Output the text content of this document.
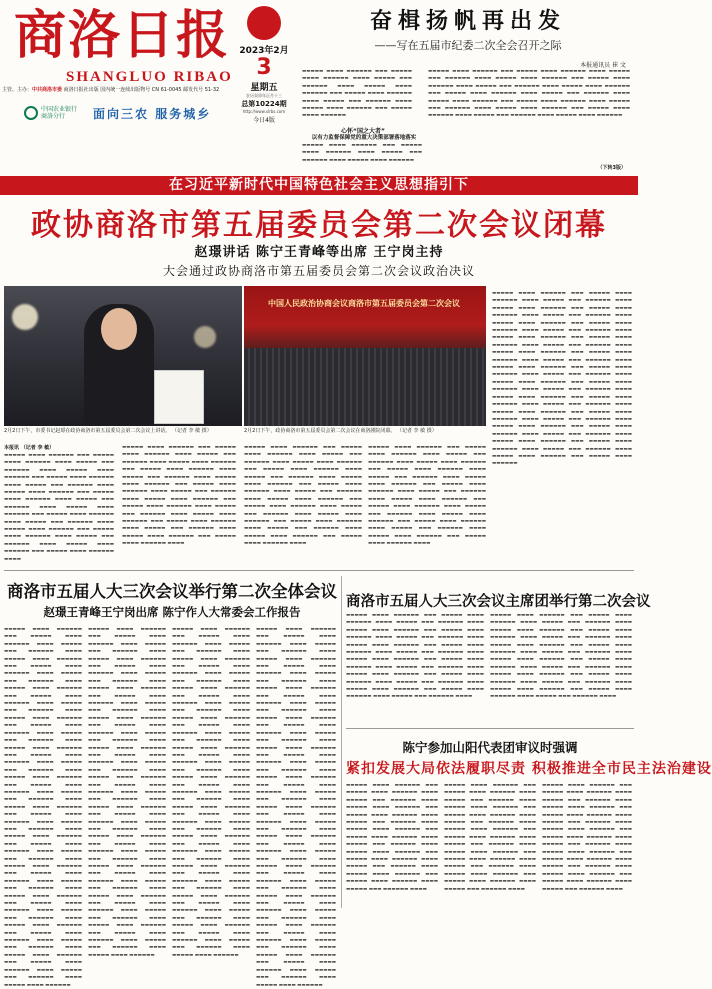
商洛日报
SHANGLUO RIBAO
2023年2月
3
星期五
农历癸卯年正月十三
总第10224期
http://www.slrbs.com
今日4版
主管、主办：中共商洛市委 商洛日报社出版 国内统一连续出版物号 CN 61-0045 邮发代号 51-32
中国农业银行
商洛分行	面向三农 服务城乡
奋楫扬帆再出发
——写在五届市纪委二次全会召开之际
本报通讯员 崔 文
▬▬▬▬▬ ▬▬▬▬ ▬▬▬▬▬▬ ▬▬▬ ▬▬▬▬▬ ▬▬▬▬ ▬▬▬▬▬▬ ▬▬▬▬ ▬▬▬▬▬ ▬▬▬ ▬▬▬▬▬▬ ▬▬▬▬ ▬▬▬▬▬ ▬▬▬▬ ▬▬▬▬▬▬ ▬▬▬ ▬▬▬▬▬ ▬▬▬▬ ▬▬▬▬▬▬ ▬▬▬▬ ▬▬▬▬▬ ▬▬▬ ▬▬▬▬▬▬ ▬▬▬▬ ▬▬▬▬▬ ▬▬▬▬ ▬▬▬▬▬▬ ▬▬▬ ▬▬▬▬▬ ▬▬▬▬ ▬▬▬▬▬▬
心怀“国之大者”
以有力监督保障党的重大决策部署落地落实
▬▬▬▬▬ ▬▬▬▬ ▬▬▬▬▬▬ ▬▬▬ ▬▬▬▬▬ ▬▬▬▬ ▬▬▬▬▬▬ ▬▬▬▬ ▬▬▬▬▬ ▬▬▬ ▬▬▬▬▬▬ ▬▬▬▬ ▬▬▬▬▬ ▬▬▬▬ ▬▬▬▬▬▬
▬▬▬▬▬ ▬▬▬▬ ▬▬▬▬▬▬ ▬▬▬ ▬▬▬▬▬ ▬▬▬▬ ▬▬▬▬▬▬ ▬▬▬▬ ▬▬▬▬▬ ▬▬▬ ▬▬▬▬▬▬ ▬▬▬▬ ▬▬▬▬▬ ▬▬▬▬ ▬▬▬▬▬▬ ▬▬▬ ▬▬▬▬▬ ▬▬▬▬ ▬▬▬▬▬▬ ▬▬▬▬ ▬▬▬▬▬ ▬▬▬ ▬▬▬▬▬▬ ▬▬▬▬ ▬▬▬▬▬ ▬▬▬▬ ▬▬▬▬▬▬ ▬▬▬ ▬▬▬▬▬ ▬▬▬▬ ▬▬▬▬▬▬ ▬▬▬▬ ▬▬▬▬▬ ▬▬▬ ▬▬▬▬▬▬ ▬▬▬▬ ▬▬▬▬▬ ▬▬▬▬ ▬▬▬▬▬▬ ▬▬▬ ▬▬▬▬▬ ▬▬▬▬ ▬▬▬▬▬▬ ▬▬▬▬ ▬▬▬▬▬ ▬▬▬ ▬▬▬▬▬▬ ▬▬▬▬ ▬▬▬▬▬ ▬▬▬▬ ▬▬▬▬▬▬ ▬▬▬ ▬▬▬▬▬ ▬▬▬▬ ▬▬▬▬▬▬ ▬▬▬▬ ▬▬▬▬▬ ▬▬▬ ▬▬▬▬▬▬ ▬▬▬▬ ▬▬▬▬▬ ▬▬▬▬ ▬▬▬▬▬▬
（下转3版）
在习近平新时代中国特色社会主义思想指引下
政协商洛市第五届委员会第二次会议闭幕
赵璟讲话 陈宁王青峰等出席 王宁岗主持
大会通过政协商洛市第五届委员会第二次会议政治决议
2月2日下午，市委书记赵璟在政协商洛市第五届委员会第二次会议上讲话。 （记者 李 敏 摄）
中国人民政治协商会议商洛市第五届委员会第二次会议
2月2日下午，政协商洛市第五届委员会第二次会议在商洛剧院闭幕。 （记者 李 敏 摄）
本报讯 （记者 李 敏）
▬▬▬▬▬ ▬▬▬▬ ▬▬▬▬▬▬ ▬▬▬ ▬▬▬▬▬ ▬▬▬▬ ▬▬▬▬▬▬ ▬▬▬▬ ▬▬▬▬▬ ▬▬▬ ▬▬▬▬▬▬ ▬▬▬▬ ▬▬▬▬▬ ▬▬▬▬ ▬▬▬▬▬▬ ▬▬▬ ▬▬▬▬▬ ▬▬▬▬ ▬▬▬▬▬▬ ▬▬▬▬ ▬▬▬▬▬ ▬▬▬ ▬▬▬▬▬▬ ▬▬▬▬ ▬▬▬▬▬ ▬▬▬▬ ▬▬▬▬▬▬ ▬▬▬ ▬▬▬▬▬ ▬▬▬▬ ▬▬▬▬▬▬ ▬▬▬▬ ▬▬▬▬▬ ▬▬▬ ▬▬▬▬▬▬ ▬▬▬▬ ▬▬▬▬▬ ▬▬▬▬ ▬▬▬▬▬▬ ▬▬▬ ▬▬▬▬▬ ▬▬▬▬ ▬▬▬▬▬▬ ▬▬▬▬ ▬▬▬▬▬ ▬▬▬ ▬▬▬▬▬▬ ▬▬▬▬ ▬▬▬▬▬ ▬▬▬▬ ▬▬▬▬▬▬ ▬▬▬ ▬▬▬▬▬ ▬▬▬▬ ▬▬▬▬▬▬ ▬▬▬▬ ▬▬▬▬▬ ▬▬▬ ▬▬▬▬▬▬ ▬▬▬▬ ▬▬▬▬▬ ▬▬▬▬ ▬▬▬▬▬▬ ▬▬▬ ▬▬▬▬▬ ▬▬▬▬ ▬▬▬▬▬▬ ▬▬▬▬
▬▬▬▬▬ ▬▬▬▬ ▬▬▬▬▬▬ ▬▬▬ ▬▬▬▬▬ ▬▬▬▬ ▬▬▬▬▬▬ ▬▬▬▬ ▬▬▬▬▬ ▬▬▬ ▬▬▬▬▬▬ ▬▬▬▬ ▬▬▬▬▬ ▬▬▬▬ ▬▬▬▬▬▬ ▬▬▬ ▬▬▬▬▬ ▬▬▬▬ ▬▬▬▬▬▬ ▬▬▬▬ ▬▬▬▬▬ ▬▬▬ ▬▬▬▬▬▬ ▬▬▬▬ ▬▬▬▬▬ ▬▬▬▬ ▬▬▬▬▬▬ ▬▬▬ ▬▬▬▬▬ ▬▬▬▬ ▬▬▬▬▬▬ ▬▬▬▬ ▬▬▬▬▬ ▬▬▬ ▬▬▬▬▬▬ ▬▬▬▬ ▬▬▬▬▬ ▬▬▬▬ ▬▬▬▬▬▬ ▬▬▬ ▬▬▬▬▬ ▬▬▬▬ ▬▬▬▬▬▬ ▬▬▬▬ ▬▬▬▬▬ ▬▬▬ ▬▬▬▬▬▬ ▬▬▬▬ ▬▬▬▬▬ ▬▬▬▬ ▬▬▬▬▬▬ ▬▬▬ ▬▬▬▬▬ ▬▬▬▬ ▬▬▬▬▬▬ ▬▬▬▬ ▬▬▬▬▬ ▬▬▬ ▬▬▬▬▬▬ ▬▬▬▬ ▬▬▬▬▬ ▬▬▬▬ ▬▬▬▬▬▬ ▬▬▬ ▬▬▬▬▬ ▬▬▬▬ ▬▬▬▬▬▬ ▬▬▬▬
▬▬▬▬▬ ▬▬▬▬ ▬▬▬▬▬▬ ▬▬▬ ▬▬▬▬▬ ▬▬▬▬ ▬▬▬▬▬▬ ▬▬▬▬ ▬▬▬▬▬ ▬▬▬ ▬▬▬▬▬▬ ▬▬▬▬ ▬▬▬▬▬ ▬▬▬▬ ▬▬▬▬▬▬ ▬▬▬ ▬▬▬▬▬ ▬▬▬▬ ▬▬▬▬▬▬ ▬▬▬▬ ▬▬▬▬▬ ▬▬▬ ▬▬▬▬▬▬ ▬▬▬▬ ▬▬▬▬▬ ▬▬▬▬ ▬▬▬▬▬▬ ▬▬▬ ▬▬▬▬▬ ▬▬▬▬ ▬▬▬▬▬▬ ▬▬▬▬ ▬▬▬▬▬ ▬▬▬ ▬▬▬▬▬▬ ▬▬▬▬ ▬▬▬▬▬ ▬▬▬▬ ▬▬▬▬▬▬ ▬▬▬ ▬▬▬▬▬ ▬▬▬▬ ▬▬▬▬▬▬ ▬▬▬▬ ▬▬▬▬▬ ▬▬▬ ▬▬▬▬▬▬ ▬▬▬▬ ▬▬▬▬▬ ▬▬▬▬ ▬▬▬▬▬▬ ▬▬▬ ▬▬▬▬▬ ▬▬▬▬ ▬▬▬▬▬▬ ▬▬▬▬ ▬▬▬▬▬ ▬▬▬ ▬▬▬▬▬▬ ▬▬▬▬ ▬▬▬▬▬ ▬▬▬▬ ▬▬▬▬▬▬ ▬▬▬ ▬▬▬▬▬ ▬▬▬▬ ▬▬▬▬▬▬ ▬▬▬▬
▬▬▬▬▬ ▬▬▬▬ ▬▬▬▬▬▬ ▬▬▬ ▬▬▬▬▬ ▬▬▬▬ ▬▬▬▬▬▬ ▬▬▬▬ ▬▬▬▬▬ ▬▬▬ ▬▬▬▬▬▬ ▬▬▬▬ ▬▬▬▬▬ ▬▬▬▬ ▬▬▬▬▬▬ ▬▬▬ ▬▬▬▬▬ ▬▬▬▬ ▬▬▬▬▬▬ ▬▬▬▬ ▬▬▬▬▬ ▬▬▬ ▬▬▬▬▬▬ ▬▬▬▬ ▬▬▬▬▬ ▬▬▬▬ ▬▬▬▬▬▬ ▬▬▬ ▬▬▬▬▬ ▬▬▬▬ ▬▬▬▬▬▬ ▬▬▬▬ ▬▬▬▬▬ ▬▬▬ ▬▬▬▬▬▬ ▬▬▬▬ ▬▬▬▬▬ ▬▬▬▬ ▬▬▬▬▬▬ ▬▬▬ ▬▬▬▬▬ ▬▬▬▬ ▬▬▬▬▬▬ ▬▬▬▬ ▬▬▬▬▬ ▬▬▬ ▬▬▬▬▬▬ ▬▬▬▬ ▬▬▬▬▬ ▬▬▬▬ ▬▬▬▬▬▬ ▬▬▬ ▬▬▬▬▬ ▬▬▬▬ ▬▬▬▬▬▬ ▬▬▬▬ ▬▬▬▬▬ ▬▬▬ ▬▬▬▬▬▬ ▬▬▬▬ ▬▬▬▬▬ ▬▬▬▬ ▬▬▬▬▬▬ ▬▬▬ ▬▬▬▬▬ ▬▬▬▬ ▬▬▬▬▬▬ ▬▬▬▬
▬▬▬▬▬ ▬▬▬▬ ▬▬▬▬▬▬ ▬▬▬ ▬▬▬▬▬ ▬▬▬▬ ▬▬▬▬▬▬ ▬▬▬▬ ▬▬▬▬▬ ▬▬▬ ▬▬▬▬▬▬ ▬▬▬▬ ▬▬▬▬▬ ▬▬▬▬ ▬▬▬▬▬▬ ▬▬▬ ▬▬▬▬▬ ▬▬▬▬ ▬▬▬▬▬▬ ▬▬▬▬ ▬▬▬▬▬ ▬▬▬ ▬▬▬▬▬▬ ▬▬▬▬ ▬▬▬▬▬ ▬▬▬▬ ▬▬▬▬▬▬ ▬▬▬ ▬▬▬▬▬ ▬▬▬▬ ▬▬▬▬▬▬ ▬▬▬▬ ▬▬▬▬▬ ▬▬▬ ▬▬▬▬▬▬ ▬▬▬▬ ▬▬▬▬▬ ▬▬▬▬ ▬▬▬▬▬▬ ▬▬▬ ▬▬▬▬▬ ▬▬▬▬ ▬▬▬▬▬▬ ▬▬▬▬ ▬▬▬▬▬ ▬▬▬ ▬▬▬▬▬▬ ▬▬▬▬ ▬▬▬▬▬ ▬▬▬▬ ▬▬▬▬▬▬ ▬▬▬ ▬▬▬▬▬ ▬▬▬▬ ▬▬▬▬▬▬ ▬▬▬▬ ▬▬▬▬▬ ▬▬▬ ▬▬▬▬▬▬ ▬▬▬▬ ▬▬▬▬▬ ▬▬▬▬ ▬▬▬▬▬▬ ▬▬▬ ▬▬▬▬▬ ▬▬▬▬ ▬▬▬▬▬▬ ▬▬▬▬ ▬▬▬▬▬ ▬▬▬ ▬▬▬▬▬▬ ▬▬▬▬ ▬▬▬▬▬ ▬▬▬▬ ▬▬▬▬▬▬ ▬▬▬ ▬▬▬▬▬ ▬▬▬▬ ▬▬▬▬▬▬ ▬▬▬▬ ▬▬▬▬▬ ▬▬▬ ▬▬▬▬▬▬ ▬▬▬▬ ▬▬▬▬▬ ▬▬▬▬ ▬▬▬▬▬▬ ▬▬▬ ▬▬▬▬▬ ▬▬▬▬ ▬▬▬▬▬▬ ▬▬▬▬ ▬▬▬▬▬ ▬▬▬ ▬▬▬▬▬▬ ▬▬▬▬ ▬▬▬▬▬ ▬▬▬▬ ▬▬▬▬▬▬ ▬▬▬ ▬▬▬▬▬ ▬▬▬▬ ▬▬▬▬▬▬ ▬▬▬▬ ▬▬▬▬▬ ▬▬▬ ▬▬▬▬▬▬ ▬▬▬▬ ▬▬▬▬▬ ▬▬▬▬ ▬▬▬▬▬▬ ▬▬▬ ▬▬▬▬▬ ▬▬▬▬ ▬▬▬▬▬▬ ▬▬▬▬ ▬▬▬▬▬ ▬▬▬ ▬▬▬▬▬▬ ▬▬▬▬ ▬▬▬▬▬ ▬▬▬▬ ▬▬▬▬▬▬ ▬▬▬ ▬▬▬▬▬ ▬▬▬▬ ▬▬▬▬▬▬ ▬▬▬▬ ▬▬▬▬▬ ▬▬▬ ▬▬▬▬▬▬ ▬▬▬▬ ▬▬▬▬▬ ▬▬▬▬ ▬▬▬▬▬▬ ▬▬▬ ▬▬▬▬▬ ▬▬▬▬ ▬▬▬▬▬▬
商洛市五届人大三次会议举行第二次全体会议
赵璟王青峰王宁岗出席 陈宁作人大常委会工作报告
▬▬▬▬▬ ▬▬▬▬ ▬▬▬▬▬▬ ▬▬▬ ▬▬▬▬▬ ▬▬▬▬ ▬▬▬▬▬▬ ▬▬▬▬ ▬▬▬▬▬ ▬▬▬ ▬▬▬▬▬▬ ▬▬▬▬ ▬▬▬▬▬ ▬▬▬▬ ▬▬▬▬▬▬ ▬▬▬ ▬▬▬▬▬ ▬▬▬▬ ▬▬▬▬▬▬ ▬▬▬▬ ▬▬▬▬▬ ▬▬▬ ▬▬▬▬▬▬ ▬▬▬▬ ▬▬▬▬▬ ▬▬▬▬ ▬▬▬▬▬▬ ▬▬▬ ▬▬▬▬▬ ▬▬▬▬ ▬▬▬▬▬▬ ▬▬▬▬ ▬▬▬▬▬ ▬▬▬ ▬▬▬▬▬▬ ▬▬▬▬ ▬▬▬▬▬ ▬▬▬▬ ▬▬▬▬▬▬ ▬▬▬ ▬▬▬▬▬ ▬▬▬▬ ▬▬▬▬▬▬ ▬▬▬▬ ▬▬▬▬▬ ▬▬▬ ▬▬▬▬▬▬ ▬▬▬▬ ▬▬▬▬▬ ▬▬▬▬ ▬▬▬▬▬▬ ▬▬▬ ▬▬▬▬▬ ▬▬▬▬ ▬▬▬▬▬▬ ▬▬▬▬ ▬▬▬▬▬ ▬▬▬ ▬▬▬▬▬▬ ▬▬▬▬ ▬▬▬▬▬ ▬▬▬▬ ▬▬▬▬▬▬ ▬▬▬ ▬▬▬▬▬ ▬▬▬▬ ▬▬▬▬▬▬ ▬▬▬▬ ▬▬▬▬▬ ▬▬▬ ▬▬▬▬▬▬ ▬▬▬▬ ▬▬▬▬▬ ▬▬▬▬ ▬▬▬▬▬▬ ▬▬▬ ▬▬▬▬▬ ▬▬▬▬ ▬▬▬▬▬▬ ▬▬▬▬ ▬▬▬▬▬ ▬▬▬ ▬▬▬▬▬▬ ▬▬▬▬ ▬▬▬▬▬ ▬▬▬▬ ▬▬▬▬▬▬ ▬▬▬ ▬▬▬▬▬ ▬▬▬▬ ▬▬▬▬▬▬ ▬▬▬▬ ▬▬▬▬▬ ▬▬▬ ▬▬▬▬▬▬ ▬▬▬▬ ▬▬▬▬▬ ▬▬▬▬ ▬▬▬▬▬▬ ▬▬▬ ▬▬▬▬▬ ▬▬▬▬ ▬▬▬▬▬▬ ▬▬▬▬ ▬▬▬▬▬ ▬▬▬ ▬▬▬▬▬▬ ▬▬▬▬ ▬▬▬▬▬ ▬▬▬▬ ▬▬▬▬▬▬ ▬▬▬ ▬▬▬▬▬ ▬▬▬▬ ▬▬▬▬▬▬ ▬▬▬▬ ▬▬▬▬▬ ▬▬▬ ▬▬▬▬▬▬ ▬▬▬▬ ▬▬▬▬▬ ▬▬▬▬ ▬▬▬▬▬▬ ▬▬▬ ▬▬▬▬▬ ▬▬▬▬ ▬▬▬▬▬▬ ▬▬▬▬ ▬▬▬▬▬ ▬▬▬ ▬▬▬▬▬▬ ▬▬▬▬ ▬▬▬▬▬ ▬▬▬▬ ▬▬▬▬▬▬ ▬▬▬ ▬▬▬▬▬ ▬▬▬▬ ▬▬▬▬▬▬ ▬▬▬▬ ▬▬▬▬▬ ▬▬▬ ▬▬▬▬▬▬ ▬▬▬▬ ▬▬▬▬▬ ▬▬▬▬ ▬▬▬▬▬▬
▬▬▬▬▬ ▬▬▬▬ ▬▬▬▬▬▬ ▬▬▬ ▬▬▬▬▬ ▬▬▬▬ ▬▬▬▬▬▬ ▬▬▬▬ ▬▬▬▬▬ ▬▬▬ ▬▬▬▬▬▬ ▬▬▬▬ ▬▬▬▬▬ ▬▬▬▬ ▬▬▬▬▬▬ ▬▬▬ ▬▬▬▬▬ ▬▬▬▬ ▬▬▬▬▬▬ ▬▬▬▬ ▬▬▬▬▬ ▬▬▬ ▬▬▬▬▬▬ ▬▬▬▬ ▬▬▬▬▬ ▬▬▬▬ ▬▬▬▬▬▬ ▬▬▬ ▬▬▬▬▬ ▬▬▬▬ ▬▬▬▬▬▬ ▬▬▬▬ ▬▬▬▬▬ ▬▬▬ ▬▬▬▬▬▬ ▬▬▬▬ ▬▬▬▬▬ ▬▬▬▬ ▬▬▬▬▬▬ ▬▬▬ ▬▬▬▬▬ ▬▬▬▬ ▬▬▬▬▬▬ ▬▬▬▬ ▬▬▬▬▬ ▬▬▬ ▬▬▬▬▬▬ ▬▬▬▬ ▬▬▬▬▬ ▬▬▬▬ ▬▬▬▬▬▬ ▬▬▬ ▬▬▬▬▬ ▬▬▬▬ ▬▬▬▬▬▬ ▬▬▬▬ ▬▬▬▬▬ ▬▬▬ ▬▬▬▬▬▬ ▬▬▬▬ ▬▬▬▬▬ ▬▬▬▬ ▬▬▬▬▬▬ ▬▬▬ ▬▬▬▬▬ ▬▬▬▬ ▬▬▬▬▬▬ ▬▬▬▬ ▬▬▬▬▬ ▬▬▬ ▬▬▬▬▬▬ ▬▬▬▬ ▬▬▬▬▬ ▬▬▬▬ ▬▬▬▬▬▬ ▬▬▬ ▬▬▬▬▬ ▬▬▬▬ ▬▬▬▬▬▬ ▬▬▬▬ ▬▬▬▬▬ ▬▬▬ ▬▬▬▬▬▬ ▬▬▬▬ ▬▬▬▬▬ ▬▬▬▬ ▬▬▬▬▬▬ ▬▬▬ ▬▬▬▬▬ ▬▬▬▬ ▬▬▬▬▬▬ ▬▬▬▬ ▬▬▬▬▬ ▬▬▬ ▬▬▬▬▬▬ ▬▬▬▬ ▬▬▬▬▬ ▬▬▬▬ ▬▬▬▬▬▬ ▬▬▬ ▬▬▬▬▬ ▬▬▬▬ ▬▬▬▬▬▬ ▬▬▬▬ ▬▬▬▬▬ ▬▬▬ ▬▬▬▬▬▬ ▬▬▬▬ ▬▬▬▬▬ ▬▬▬▬ ▬▬▬▬▬▬ ▬▬▬ ▬▬▬▬▬ ▬▬▬▬ ▬▬▬▬▬▬ ▬▬▬▬ ▬▬▬▬▬ ▬▬▬ ▬▬▬▬▬▬ ▬▬▬▬ ▬▬▬▬▬ ▬▬▬▬ ▬▬▬▬▬▬ ▬▬▬ ▬▬▬▬▬ ▬▬▬▬ ▬▬▬▬▬▬ ▬▬▬▬ ▬▬▬▬▬ ▬▬▬ ▬▬▬▬▬▬ ▬▬▬▬ ▬▬▬▬▬ ▬▬▬▬ ▬▬▬▬▬▬
▬▬▬▬▬ ▬▬▬▬ ▬▬▬▬▬▬ ▬▬▬ ▬▬▬▬▬ ▬▬▬▬ ▬▬▬▬▬▬ ▬▬▬▬ ▬▬▬▬▬ ▬▬▬ ▬▬▬▬▬▬ ▬▬▬▬ ▬▬▬▬▬ ▬▬▬▬ ▬▬▬▬▬▬ ▬▬▬ ▬▬▬▬▬ ▬▬▬▬ ▬▬▬▬▬▬ ▬▬▬▬ ▬▬▬▬▬ ▬▬▬ ▬▬▬▬▬▬ ▬▬▬▬ ▬▬▬▬▬ ▬▬▬▬ ▬▬▬▬▬▬ ▬▬▬ ▬▬▬▬▬ ▬▬▬▬ ▬▬▬▬▬▬ ▬▬▬▬ ▬▬▬▬▬ ▬▬▬ ▬▬▬▬▬▬ ▬▬▬▬ ▬▬▬▬▬ ▬▬▬▬ ▬▬▬▬▬▬ ▬▬▬ ▬▬▬▬▬ ▬▬▬▬ ▬▬▬▬▬▬ ▬▬▬▬ ▬▬▬▬▬ ▬▬▬ ▬▬▬▬▬▬ ▬▬▬▬ ▬▬▬▬▬ ▬▬▬▬ ▬▬▬▬▬▬ ▬▬▬ ▬▬▬▬▬ ▬▬▬▬ ▬▬▬▬▬▬ ▬▬▬▬ ▬▬▬▬▬ ▬▬▬ ▬▬▬▬▬▬ ▬▬▬▬ ▬▬▬▬▬ ▬▬▬▬ ▬▬▬▬▬▬ ▬▬▬ ▬▬▬▬▬ ▬▬▬▬ ▬▬▬▬▬▬ ▬▬▬▬ ▬▬▬▬▬ ▬▬▬ ▬▬▬▬▬▬ ▬▬▬▬ ▬▬▬▬▬ ▬▬▬▬ ▬▬▬▬▬▬ ▬▬▬ ▬▬▬▬▬ ▬▬▬▬ ▬▬▬▬▬▬ ▬▬▬▬ ▬▬▬▬▬ ▬▬▬ ▬▬▬▬▬▬ ▬▬▬▬ ▬▬▬▬▬ ▬▬▬▬ ▬▬▬▬▬▬ ▬▬▬ ▬▬▬▬▬ ▬▬▬▬ ▬▬▬▬▬▬ ▬▬▬▬ ▬▬▬▬▬ ▬▬▬ ▬▬▬▬▬▬ ▬▬▬▬ ▬▬▬▬▬ ▬▬▬▬ ▬▬▬▬▬▬ ▬▬▬ ▬▬▬▬▬ ▬▬▬▬ ▬▬▬▬▬▬ ▬▬▬▬ ▬▬▬▬▬ ▬▬▬ ▬▬▬▬▬▬ ▬▬▬▬ ▬▬▬▬▬ ▬▬▬▬ ▬▬▬▬▬▬ ▬▬▬ ▬▬▬▬▬ ▬▬▬▬ ▬▬▬▬▬▬ ▬▬▬▬ ▬▬▬▬▬ ▬▬▬ ▬▬▬▬▬▬ ▬▬▬▬ ▬▬▬▬▬ ▬▬▬▬ ▬▬▬▬▬▬ ▬▬▬ ▬▬▬▬▬ ▬▬▬▬ ▬▬▬▬▬▬ ▬▬▬▬ ▬▬▬▬▬ ▬▬▬ ▬▬▬▬▬▬ ▬▬▬▬ ▬▬▬▬▬ ▬▬▬▬ ▬▬▬▬▬▬
▬▬▬▬▬ ▬▬▬▬ ▬▬▬▬▬▬ ▬▬▬ ▬▬▬▬▬ ▬▬▬▬ ▬▬▬▬▬▬ ▬▬▬▬ ▬▬▬▬▬ ▬▬▬ ▬▬▬▬▬▬ ▬▬▬▬ ▬▬▬▬▬ ▬▬▬▬ ▬▬▬▬▬▬ ▬▬▬ ▬▬▬▬▬ ▬▬▬▬ ▬▬▬▬▬▬ ▬▬▬▬ ▬▬▬▬▬ ▬▬▬ ▬▬▬▬▬▬ ▬▬▬▬ ▬▬▬▬▬ ▬▬▬▬ ▬▬▬▬▬▬ ▬▬▬ ▬▬▬▬▬ ▬▬▬▬ ▬▬▬▬▬▬ ▬▬▬▬ ▬▬▬▬▬ ▬▬▬ ▬▬▬▬▬▬ ▬▬▬▬ ▬▬▬▬▬ ▬▬▬▬ ▬▬▬▬▬▬ ▬▬▬ ▬▬▬▬▬ ▬▬▬▬ ▬▬▬▬▬▬ ▬▬▬▬ ▬▬▬▬▬ ▬▬▬ ▬▬▬▬▬▬ ▬▬▬▬ ▬▬▬▬▬ ▬▬▬▬ ▬▬▬▬▬▬ ▬▬▬ ▬▬▬▬▬ ▬▬▬▬ ▬▬▬▬▬▬ ▬▬▬▬ ▬▬▬▬▬ ▬▬▬ ▬▬▬▬▬▬ ▬▬▬▬ ▬▬▬▬▬ ▬▬▬▬ ▬▬▬▬▬▬ ▬▬▬ ▬▬▬▬▬ ▬▬▬▬ ▬▬▬▬▬▬ ▬▬▬▬ ▬▬▬▬▬ ▬▬▬ ▬▬▬▬▬▬ ▬▬▬▬ ▬▬▬▬▬ ▬▬▬▬ ▬▬▬▬▬▬ ▬▬▬ ▬▬▬▬▬ ▬▬▬▬ ▬▬▬▬▬▬ ▬▬▬▬ ▬▬▬▬▬ ▬▬▬ ▬▬▬▬▬▬ ▬▬▬▬ ▬▬▬▬▬ ▬▬▬▬ ▬▬▬▬▬▬ ▬▬▬ ▬▬▬▬▬ ▬▬▬▬ ▬▬▬▬▬▬ ▬▬▬▬ ▬▬▬▬▬ ▬▬▬ ▬▬▬▬▬▬ ▬▬▬▬ ▬▬▬▬▬ ▬▬▬▬ ▬▬▬▬▬▬ ▬▬▬ ▬▬▬▬▬ ▬▬▬▬ ▬▬▬▬▬▬ ▬▬▬▬ ▬▬▬▬▬ ▬▬▬ ▬▬▬▬▬▬ ▬▬▬▬ ▬▬▬▬▬ ▬▬▬▬ ▬▬▬▬▬▬ ▬▬▬ ▬▬▬▬▬ ▬▬▬▬ ▬▬▬▬▬▬ ▬▬▬▬ ▬▬▬▬▬ ▬▬▬ ▬▬▬▬▬▬ ▬▬▬▬ ▬▬▬▬▬ ▬▬▬▬ ▬▬▬▬▬▬ ▬▬▬ ▬▬▬▬▬ ▬▬▬▬ ▬▬▬▬▬▬ ▬▬▬▬ ▬▬▬▬▬ ▬▬▬ ▬▬▬▬▬▬ ▬▬▬▬ ▬▬▬▬▬ ▬▬▬▬ ▬▬▬▬▬▬ ▬▬▬ ▬▬▬▬▬ ▬▬▬▬ ▬▬▬▬▬▬ ▬▬▬▬ ▬▬▬▬▬ ▬▬▬ ▬▬▬▬▬▬ ▬▬▬▬ ▬▬▬▬▬ ▬▬▬▬ ▬▬▬▬▬▬
商洛市五届人大三次会议主席团举行第二次会议
▬▬▬▬▬ ▬▬▬▬ ▬▬▬▬▬▬ ▬▬▬ ▬▬▬▬▬ ▬▬▬▬ ▬▬▬▬▬▬ ▬▬▬▬ ▬▬▬▬▬ ▬▬▬ ▬▬▬▬▬▬ ▬▬▬▬ ▬▬▬▬▬ ▬▬▬▬ ▬▬▬▬▬▬ ▬▬▬ ▬▬▬▬▬ ▬▬▬▬ ▬▬▬▬▬▬ ▬▬▬▬ ▬▬▬▬▬ ▬▬▬ ▬▬▬▬▬▬ ▬▬▬▬ ▬▬▬▬▬ ▬▬▬▬ ▬▬▬▬▬▬ ▬▬▬ ▬▬▬▬▬ ▬▬▬▬ ▬▬▬▬▬▬ ▬▬▬▬ ▬▬▬▬▬ ▬▬▬ ▬▬▬▬▬▬ ▬▬▬▬ ▬▬▬▬▬ ▬▬▬▬ ▬▬▬▬▬▬ ▬▬▬ ▬▬▬▬▬ ▬▬▬▬ ▬▬▬▬▬▬ ▬▬▬▬ ▬▬▬▬▬ ▬▬▬ ▬▬▬▬▬▬ ▬▬▬▬ ▬▬▬▬▬ ▬▬▬▬ ▬▬▬▬▬▬ ▬▬▬ ▬▬▬▬▬ ▬▬▬▬ ▬▬▬▬▬▬ ▬▬▬▬ ▬▬▬▬▬ ▬▬▬ ▬▬▬▬▬▬ ▬▬▬▬ ▬▬▬▬▬ ▬▬▬▬ ▬▬▬▬▬▬ ▬▬▬ ▬▬▬▬▬ ▬▬▬▬ ▬▬▬▬▬▬ ▬▬▬▬ ▬▬▬▬▬ ▬▬▬ ▬▬▬▬▬▬ ▬▬▬▬
▬▬▬▬▬ ▬▬▬▬ ▬▬▬▬▬▬ ▬▬▬ ▬▬▬▬▬ ▬▬▬▬ ▬▬▬▬▬▬ ▬▬▬▬ ▬▬▬▬▬ ▬▬▬ ▬▬▬▬▬▬ ▬▬▬▬ ▬▬▬▬▬ ▬▬▬▬ ▬▬▬▬▬▬ ▬▬▬ ▬▬▬▬▬ ▬▬▬▬ ▬▬▬▬▬▬ ▬▬▬▬ ▬▬▬▬▬ ▬▬▬ ▬▬▬▬▬▬ ▬▬▬▬ ▬▬▬▬▬ ▬▬▬▬ ▬▬▬▬▬▬ ▬▬▬ ▬▬▬▬▬ ▬▬▬▬ ▬▬▬▬▬▬ ▬▬▬▬ ▬▬▬▬▬ ▬▬▬ ▬▬▬▬▬▬ ▬▬▬▬ ▬▬▬▬▬ ▬▬▬▬ ▬▬▬▬▬▬ ▬▬▬ ▬▬▬▬▬ ▬▬▬▬ ▬▬▬▬▬▬ ▬▬▬▬ ▬▬▬▬▬ ▬▬▬ ▬▬▬▬▬▬ ▬▬▬▬ ▬▬▬▬▬ ▬▬▬▬ ▬▬▬▬▬▬ ▬▬▬ ▬▬▬▬▬ ▬▬▬▬ ▬▬▬▬▬▬ ▬▬▬▬ ▬▬▬▬▬ ▬▬▬ ▬▬▬▬▬▬ ▬▬▬▬ ▬▬▬▬▬ ▬▬▬▬ ▬▬▬▬▬▬ ▬▬▬ ▬▬▬▬▬ ▬▬▬▬ ▬▬▬▬▬▬ ▬▬▬▬ ▬▬▬▬▬ ▬▬▬ ▬▬▬▬▬▬ ▬▬▬▬
陈宁参加山阳代表团审议时强调
紧扣发展大局依法履职尽责 积极推进全市民主法治建设
▬▬▬▬▬ ▬▬▬▬ ▬▬▬▬▬▬ ▬▬▬ ▬▬▬▬▬ ▬▬▬▬ ▬▬▬▬▬▬ ▬▬▬▬ ▬▬▬▬▬ ▬▬▬ ▬▬▬▬▬▬ ▬▬▬▬ ▬▬▬▬▬ ▬▬▬▬ ▬▬▬▬▬▬ ▬▬▬ ▬▬▬▬▬ ▬▬▬▬ ▬▬▬▬▬▬ ▬▬▬▬ ▬▬▬▬▬ ▬▬▬ ▬▬▬▬▬▬ ▬▬▬▬ ▬▬▬▬▬ ▬▬▬▬ ▬▬▬▬▬▬ ▬▬▬ ▬▬▬▬▬ ▬▬▬▬ ▬▬▬▬▬▬ ▬▬▬▬ ▬▬▬▬▬ ▬▬▬ ▬▬▬▬▬▬ ▬▬▬▬ ▬▬▬▬▬ ▬▬▬▬ ▬▬▬▬▬▬ ▬▬▬ ▬▬▬▬▬ ▬▬▬▬ ▬▬▬▬▬▬ ▬▬▬▬ ▬▬▬▬▬ ▬▬▬ ▬▬▬▬▬▬ ▬▬▬▬ ▬▬▬▬▬ ▬▬▬▬ ▬▬▬▬▬▬ ▬▬▬ ▬▬▬▬▬ ▬▬▬▬ ▬▬▬▬▬▬ ▬▬▬▬ ▬▬▬▬▬ ▬▬▬ ▬▬▬▬▬▬ ▬▬▬▬
▬▬▬▬▬ ▬▬▬▬ ▬▬▬▬▬▬ ▬▬▬ ▬▬▬▬▬ ▬▬▬▬ ▬▬▬▬▬▬ ▬▬▬▬ ▬▬▬▬▬ ▬▬▬ ▬▬▬▬▬▬ ▬▬▬▬ ▬▬▬▬▬ ▬▬▬▬ ▬▬▬▬▬▬ ▬▬▬ ▬▬▬▬▬ ▬▬▬▬ ▬▬▬▬▬▬ ▬▬▬▬ ▬▬▬▬▬ ▬▬▬ ▬▬▬▬▬▬ ▬▬▬▬ ▬▬▬▬▬ ▬▬▬▬ ▬▬▬▬▬▬ ▬▬▬ ▬▬▬▬▬ ▬▬▬▬ ▬▬▬▬▬▬ ▬▬▬▬ ▬▬▬▬▬ ▬▬▬ ▬▬▬▬▬▬ ▬▬▬▬ ▬▬▬▬▬ ▬▬▬▬ ▬▬▬▬▬▬ ▬▬▬ ▬▬▬▬▬ ▬▬▬▬ ▬▬▬▬▬▬ ▬▬▬▬ ▬▬▬▬▬ ▬▬▬ ▬▬▬▬▬▬ ▬▬▬▬ ▬▬▬▬▬ ▬▬▬▬ ▬▬▬▬▬▬ ▬▬▬ ▬▬▬▬▬ ▬▬▬▬ ▬▬▬▬▬▬ ▬▬▬▬ ▬▬▬▬▬ ▬▬▬ ▬▬▬▬▬▬ ▬▬▬▬
▬▬▬▬▬ ▬▬▬▬ ▬▬▬▬▬▬ ▬▬▬ ▬▬▬▬▬ ▬▬▬▬ ▬▬▬▬▬▬ ▬▬▬▬ ▬▬▬▬▬ ▬▬▬ ▬▬▬▬▬▬ ▬▬▬▬ ▬▬▬▬▬ ▬▬▬▬ ▬▬▬▬▬▬ ▬▬▬ ▬▬▬▬▬ ▬▬▬▬ ▬▬▬▬▬▬ ▬▬▬▬ ▬▬▬▬▬ ▬▬▬ ▬▬▬▬▬▬ ▬▬▬▬ ▬▬▬▬▬ ▬▬▬▬ ▬▬▬▬▬▬ ▬▬▬ ▬▬▬▬▬ ▬▬▬▬ ▬▬▬▬▬▬ ▬▬▬▬ ▬▬▬▬▬ ▬▬▬ ▬▬▬▬▬▬ ▬▬▬▬ ▬▬▬▬▬ ▬▬▬▬ ▬▬▬▬▬▬ ▬▬▬ ▬▬▬▬▬ ▬▬▬▬ ▬▬▬▬▬▬ ▬▬▬▬ ▬▬▬▬▬ ▬▬▬ ▬▬▬▬▬▬ ▬▬▬▬ ▬▬▬▬▬ ▬▬▬▬ ▬▬▬▬▬▬ ▬▬▬ ▬▬▬▬▬ ▬▬▬▬ ▬▬▬▬▬▬ ▬▬▬▬ ▬▬▬▬▬ ▬▬▬ ▬▬▬▬▬▬ ▬▬▬▬
